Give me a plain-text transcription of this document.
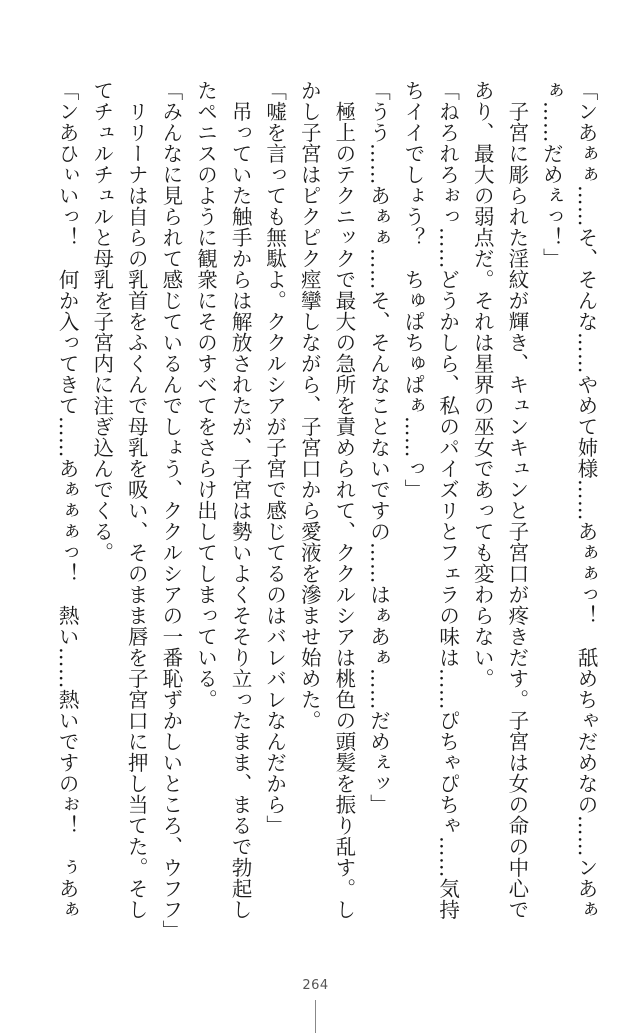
「ンあぁぁ……そ、そんな……やめて姉様……あぁぁっ！　舐めちゃだめなの……ンあぁ
ぁ……だめぇっ！」
　子宮に彫られた淫紋が輝き、キュンキュンと子宮口が疼きだす。子宮は女の命の中心で
あり、最大の弱点だ。それは星界の巫女であっても変わらない。
「ねろれろぉっ……どうかしら、私のパイズリとフェラの味は……ぴちゃぴちゃ……気持
ちイイでしょう？　ちゅぱちゅぱぁ……っ」
「うう……あぁぁ……そ、そんなことないですの……はぁあぁ……だめぇッ」
　極上のテクニックで最大の急所を責められて、ククルシアは桃色の頭髪を振り乱す。し
かし子宮はピクピク痙攣しながら、子宮口から愛液を滲ませ始めた。
「嘘を言っても無駄よ。ククルシアが子宮で感じてるのはバレバレなんだから」
　吊っていた触手からは解放されたが、子宮は勢いよくそそり立ったまま、まるで勃起し
たペニスのように観衆にそのすべてをさらけ出してしまっている。
「みんなに見られて感じているんでしょう、ククルシアの一番恥ずかしいところ、ウフフ」
　リリーナは自らの乳首をふくんで母乳を吸い、そのまま唇を子宮口に押し当てた。そし
てチュルチュルと母乳を子宮内に注ぎ込んでくる。
「ンあひぃいっ！　何か入ってきて……あぁぁぁっ！　熱い……熱いですのぉ！　ぅあぁ
264
